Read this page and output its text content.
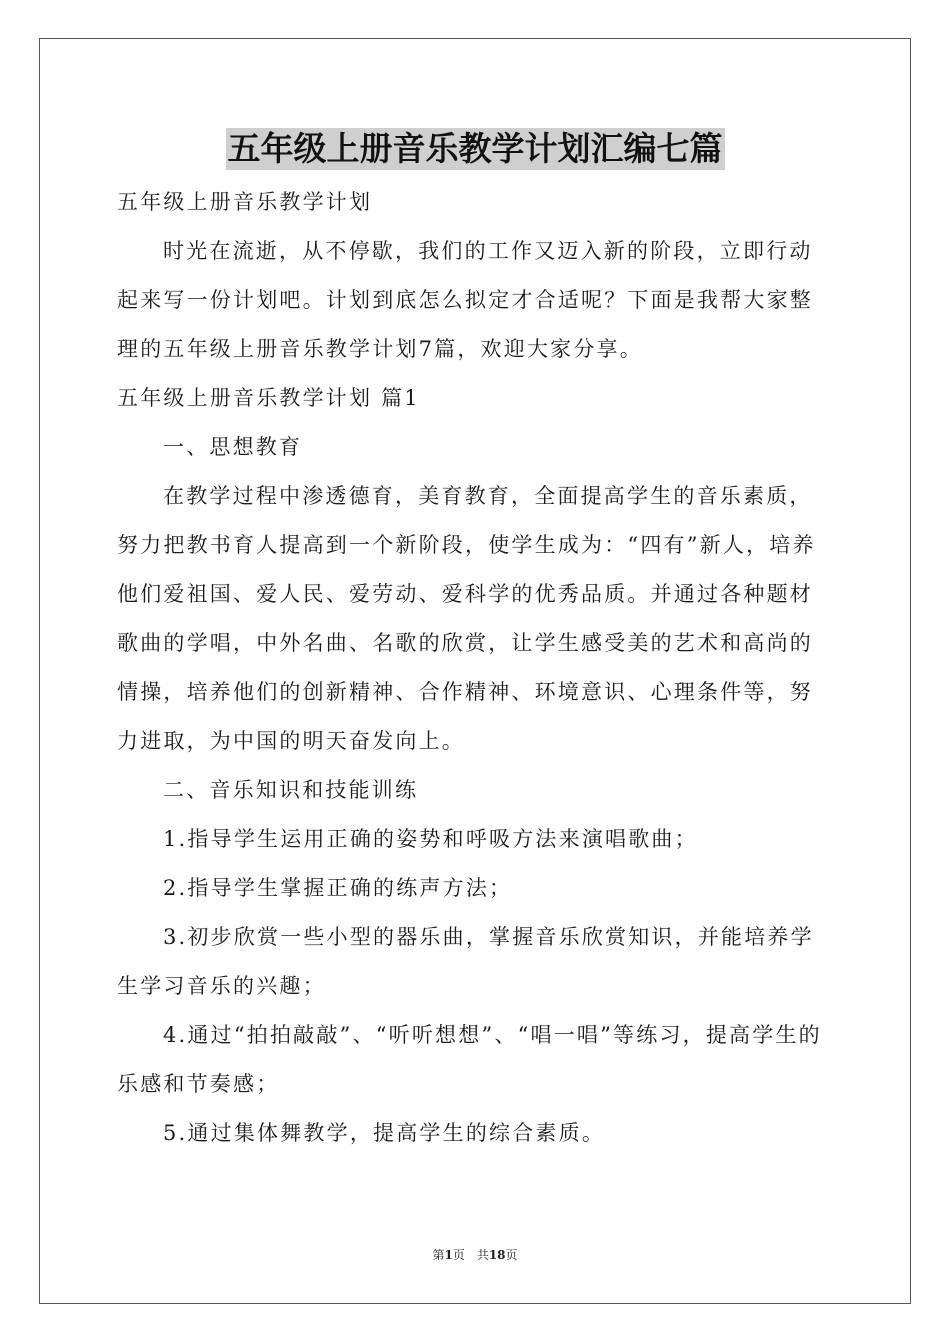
五年级上册音乐教学计划汇编七篇

五年级上册音乐教学计划

时光在流逝，从不停歇，我们的工作又迈入新的阶段，立即行动起来写一份计划吧。计划到底怎么拟定才合适呢？下面是我帮大家整理的五年级上册音乐教学计划7篇，欢迎大家分享。

五年级上册音乐教学计划 篇1

一、思想教育

在教学过程中渗透德育，美育教育，全面提高学生的音乐素质，努力把教书育人提高到一个新阶段，使学生成为：“四有”新人，培养他们爱祖国、爱人民、爱劳动、爱科学的优秀品质。并通过各种题材歌曲的学唱，中外名曲、名歌的欣赏，让学生感受美的艺术和高尚的情操，培养他们的创新精神、合作精神、环境意识、心理条件等，努力进取，为中国的明天奋发向上。

二、音乐知识和技能训练

1.指导学生运用正确的姿势和呼吸方法来演唱歌曲；

2.指导学生掌握正确的练声方法；

3.初步欣赏一些小型的器乐曲，掌握音乐欣赏知识，并能培养学生学习音乐的兴趣；

4.通过“拍拍敲敲”、“听听想想”、“唱一唱”等练习，提高学生的乐感和节奏感；

5.通过集体舞教学，提高学生的综合素质。

第1页　共18页
